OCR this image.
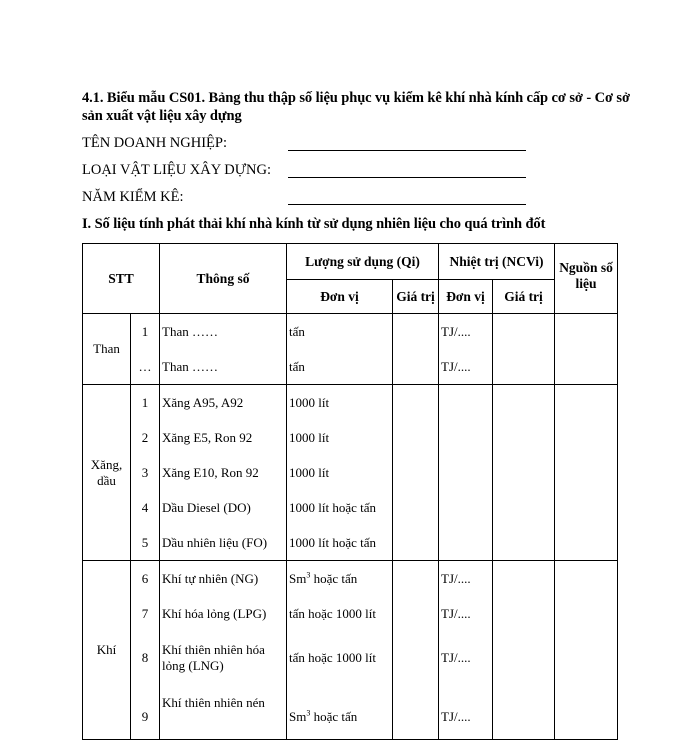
4.1. Biểu mẫu CS01. Bảng thu thập số liệu phục vụ kiểm kê khí nhà kính cấp cơ sở - Cơ sở sản xuất vật liệu xây dựng
TÊN DOANH NGHIỆP:
LOẠI VẬT LIỆU XÂY DỰNG:
NĂM KIỂM KÊ:
I. Số liệu tính phát thải khí nhà kính từ sử dụng nhiên liệu cho quá trình đốt
STT		Thông số	Lượng sử dụng (Qi)		Nhiệt trị (NCVi)		Nguồn số liệu
			Đơn vị	Giá trị	Đơn vị	Giá trị	
Than	1	Than ……	tấn		TJ/....		
	…	Than ……	tấn		TJ/....		
Xăng, dầu	1	Xăng A95, A92	1000 lít				
	2	Xăng E5, Ron 92	1000 lít				
	3	Xăng E10, Ron 92	1000 lít				
	4	Dầu Diesel (DO)	1000 lít hoặc tấn				
	5	Dầu nhiên liệu (FO)	1000 lít hoặc tấn				
Khí	6	Khí tự nhiên (NG)	Sm$^3$ hoặc tấn		TJ/....		
	7	Khí hóa lỏng (LPG)	tấn hoặc 1000 lít		TJ/....		
	8	Khí thiên nhiên hóa lỏng (LNG)	tấn hoặc 1000 lít		TJ/....		
	9	Khí thiên nhiên nén	Sm$^3$ hoặc tấn		TJ/....		
